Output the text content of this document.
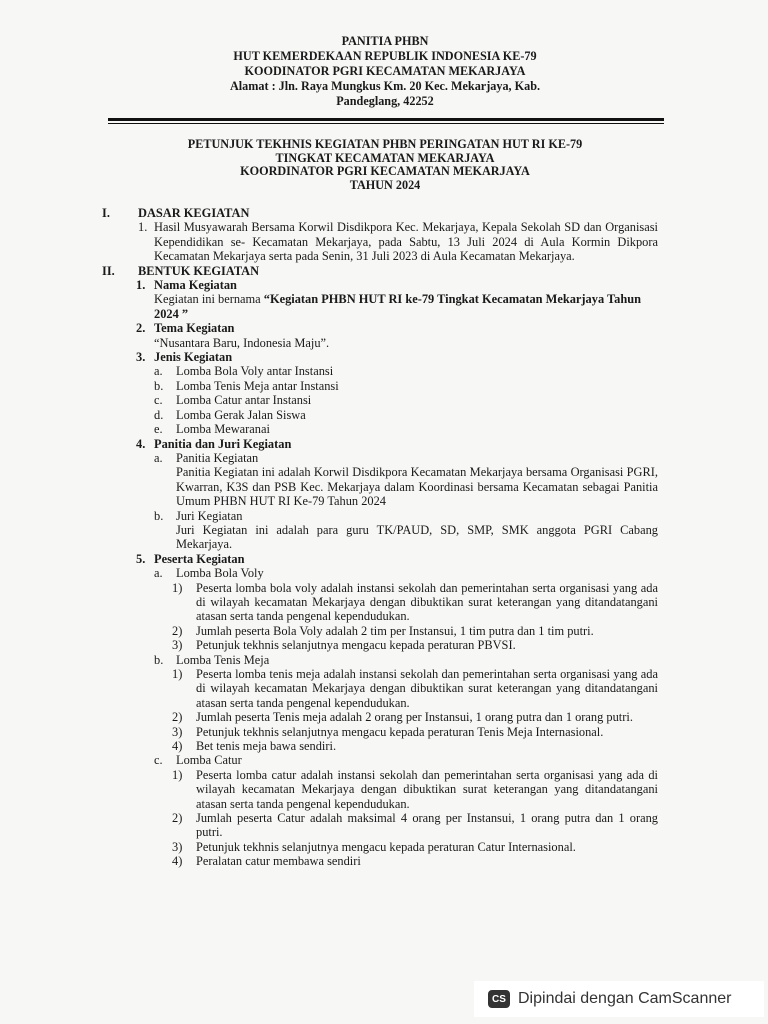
PANITIA PHBN
HUT KEMERDEKAAN REPUBLIK INDONESIA KE-79
KOODINATOR PGRI KECAMATAN MEKARJAYA
Alamat : Jln. Raya Mungkus Km. 20 Kec. Mekarjaya, Kab.
Pandeglang, 42252
PETUNJUK TEKHNIS KEGIATAN PHBN PERINGATAN HUT RI KE-79
TINGKAT KECAMATAN MEKARJAYA
KOORDINATOR PGRI KECAMATAN MEKARJAYA
TAHUN 2024
I. DASAR KEGIATAN
1. Hasil Musyawarah Bersama Korwil Disdikpora Kec. Mekarjaya, Kepala Sekolah SD dan Organisasi Kependidikan se- Kecamatan Mekarjaya, pada Sabtu, 13 Juli 2024 di Aula Kormin Dikpora Kecamatan Mekarjaya serta pada Senin, 31 Juli 2023 di Aula Kecamatan Mekarjaya.
II. BENTUK KEGIATAN
1. Nama Kegiatan
Kegiatan ini bernama “Kegiatan PHBN HUT RI ke-79 Tingkat Kecamatan Mekarjaya Tahun 2024 ”
2. Tema Kegiatan
“Nusantara Baru, Indonesia Maju”.
3. Jenis Kegiatan
a. Lomba Bola Voly antar Instansi
b. Lomba Tenis Meja antar Instansi
c. Lomba Catur antar Instansi
d. Lomba Gerak Jalan Siswa
e. Lomba Mewaranai
4. Panitia dan Juri Kegiatan
a. Panitia Kegiatan
Panitia Kegiatan ini adalah Korwil Disdikpora Kecamatan Mekarjaya bersama Organisasi PGRI, Kwarran, K3S dan PSB Kec. Mekarjaya dalam Koordinasi bersama Kecamatan sebagai Panitia Umum PHBN HUT RI Ke-79 Tahun 2024
b. Juri Kegiatan
Juri Kegiatan ini adalah para guru TK/PAUD, SD, SMP, SMK anggota PGRI Cabang Mekarjaya.
5. Peserta Kegiatan
a. Lomba Bola Voly
1) Peserta lomba bola voly adalah instansi sekolah dan pemerintahan serta organisasi yang ada di wilayah kecamatan Mekarjaya dengan dibuktikan surat keterangan yang ditandatangani atasan serta tanda pengenal kependudukan.
2) Jumlah peserta Bola Voly adalah 2 tim per Instansui, 1 tim putra dan 1 tim putri.
3) Petunjuk tekhnis selanjutnya mengacu kepada peraturan PBVSI.
b. Lomba Tenis Meja
1) Peserta lomba tenis meja adalah instansi sekolah dan pemerintahan serta organisasi yang ada di wilayah kecamatan Mekarjaya dengan dibuktikan surat keterangan yang ditandatangani atasan serta tanda pengenal kependudukan.
2) Jumlah peserta Tenis meja adalah 2 orang per Instansui, 1 orang putra dan 1 orang putri.
3) Petunjuk tekhnis selanjutnya mengacu kepada peraturan Tenis Meja Internasional.
4) Bet tenis meja bawa sendiri.
c. Lomba Catur
1) Peserta lomba catur adalah instansi sekolah dan pemerintahan serta organisasi yang ada di wilayah kecamatan Mekarjaya dengan dibuktikan surat keterangan yang ditandatangani atasan serta tanda pengenal kependudukan.
2) Jumlah peserta Catur adalah maksimal 4 orang per Instansui, 1 orang putra dan 1 orang putri.
3) Petunjuk tekhnis selanjutnya mengacu kepada peraturan Catur Internasional.
4) Peralatan catur membawa sendiri
CS Dipindai dengan CamScanner
